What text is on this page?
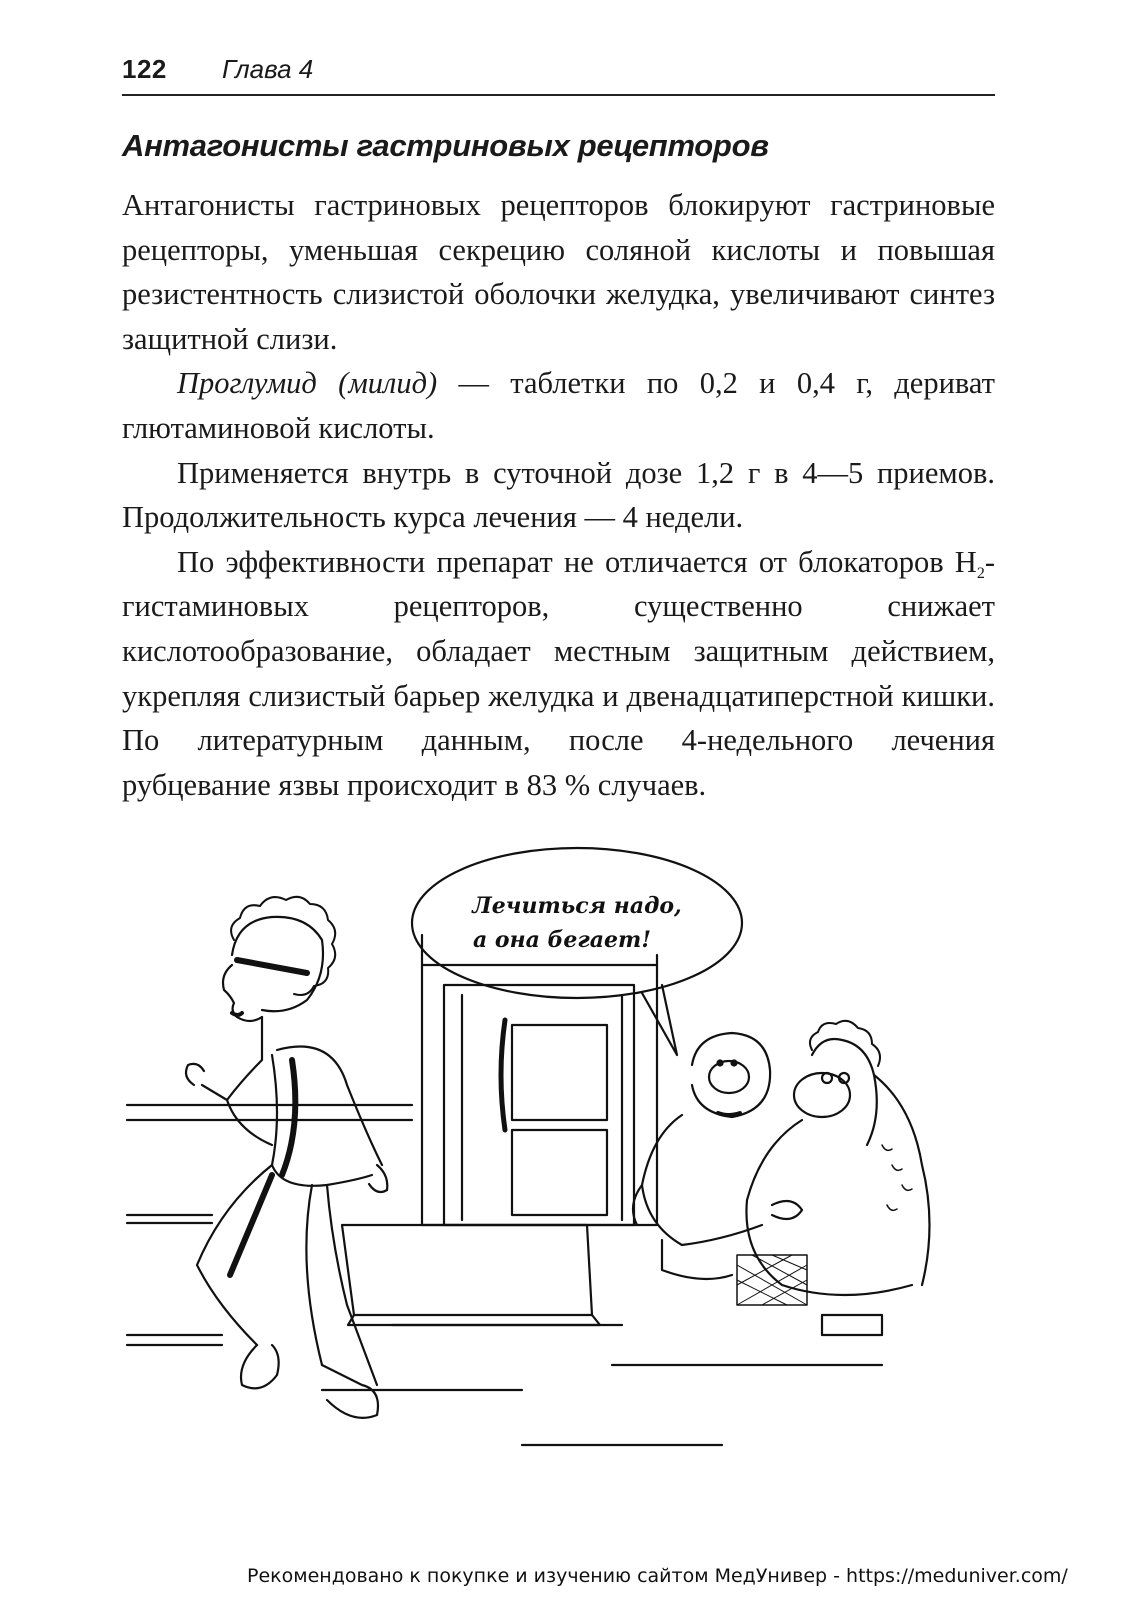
122 Глава 4
Антагонисты гастриновых рецепторов

Антагонисты гастриновых рецепторов блокируют гастриновые рецепторы, уменьшая секрецию соляной кислоты и повышая резистентность слизистой оболочки желудка, увеличивают синтез защитной слизи.

Проглумид (милид) — таблетки по 0,2 и 0,4 г, дериват глютаминовой кислоты.

Применяется внутрь в суточной дозе 1,2 г в 4—5 приемов. Продолжительность курса лечения — 4 недели.

По эффективности препарат не отличается от блокаторов $Н_2$-гистаминовых рецепторов, существенно снижает кислотообразование, обладает местным защитным действием, укрепляя слизистый барьер желудка и двенадцатиперстной кишки. По литературным данным, после 4-недельного лечения рубцевание язвы происходит в 83 % случаев.

Лечиться надо,
а она бегает!
Рекомендовано к покупке и изучению сайтом МедУнивер - https://meduniver.com/
